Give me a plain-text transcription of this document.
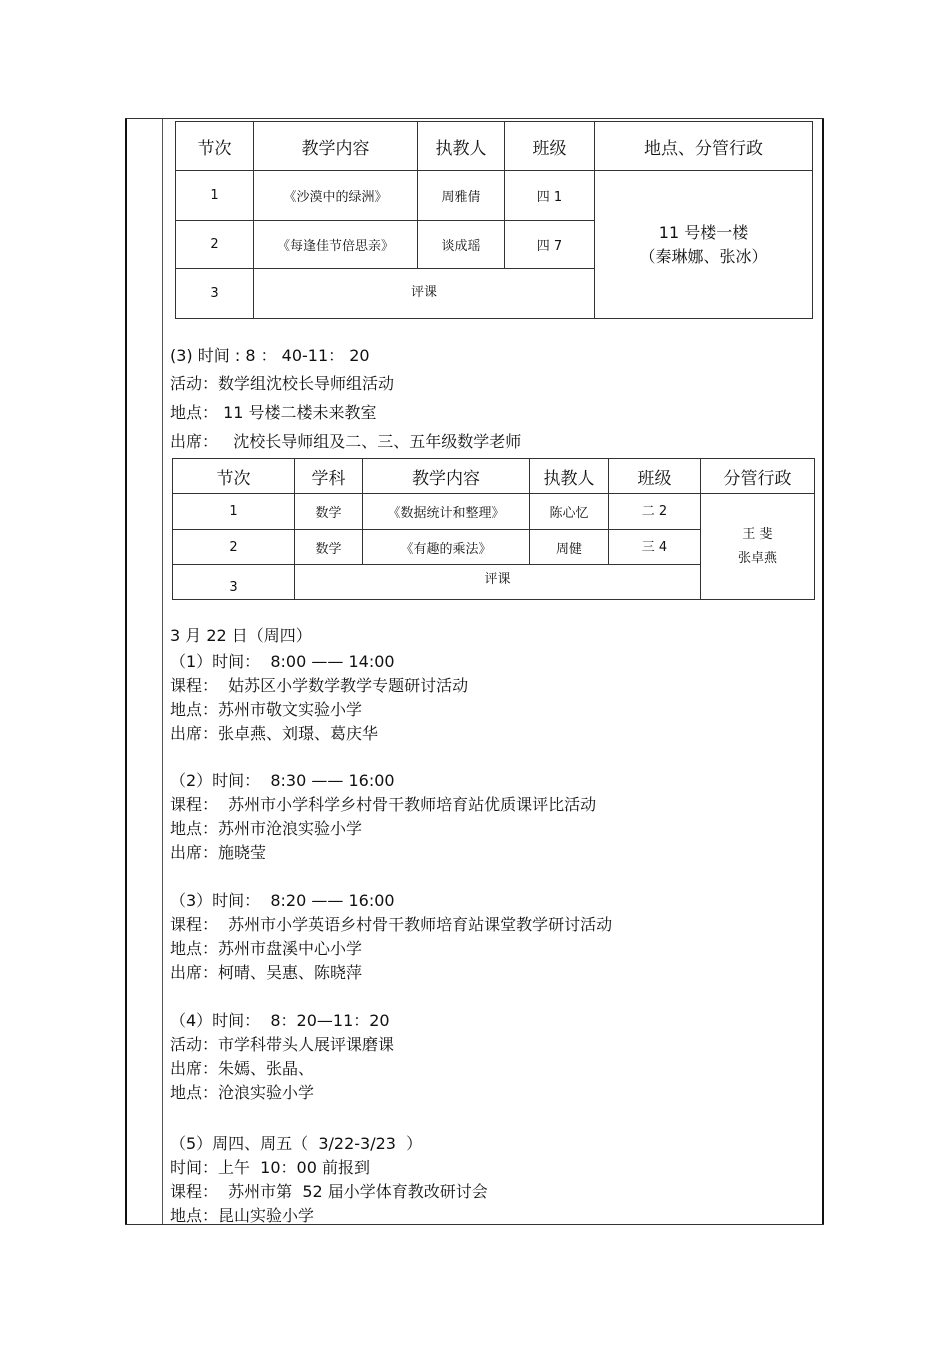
节次	教学内容	执教人	班级	地点、分管行政
1	《沙漠中的绿洲》	周雅倩	四 1	11 号楼一楼
（秦琳娜、张冰）

2	《每逢佳节倍思亲》	谈成瑶	四 7	
3	评课			
(3) 时间 : 8 ： 40-11： 20
活动：数学组沈校长导师组活动
地点： 11 号楼二楼未来教室
出席：   沈校长导师组及二、三、五年级数学老师
节次	学科	教学内容	执教人	班级	分管行政
1	数学	《数据统计和整理》	陈心忆	二 2	王 斐
张卓燕

2	数学	《有趣的乘法》	周健	三 4	
3	评课				
3 月 22 日（周四）
（1）时间：  8:00 —— 14:00
课程：  姑苏区小学数学教学专题研讨活动
地点：苏州市敬文实验小学
出席：张卓燕、刘璟、葛庆华
（2）时间：  8:30 —— 16:00
课程：  苏州市小学科学乡村骨干教师培育站优质课评比活动
地点：苏州市沧浪实验小学
出席：施晓莹
（3）时间：  8:20 —— 16:00
课程：  苏州市小学英语乡村骨干教师培育站课堂教学研讨活动
地点：苏州市盘溪中心小学
出席：柯晴、吴惠、陈晓萍
（4）时间：  8：20—11：20
活动：市学科带头人展评课磨课
出席：朱嫣、张晶、
地点：沧浪实验小学
（5）周四、周五（  3/22-3/23  ）
时间：上午  10：00 前报到
课程：  苏州市第  52 届小学体育教改研讨会
地点：昆山实验小学
